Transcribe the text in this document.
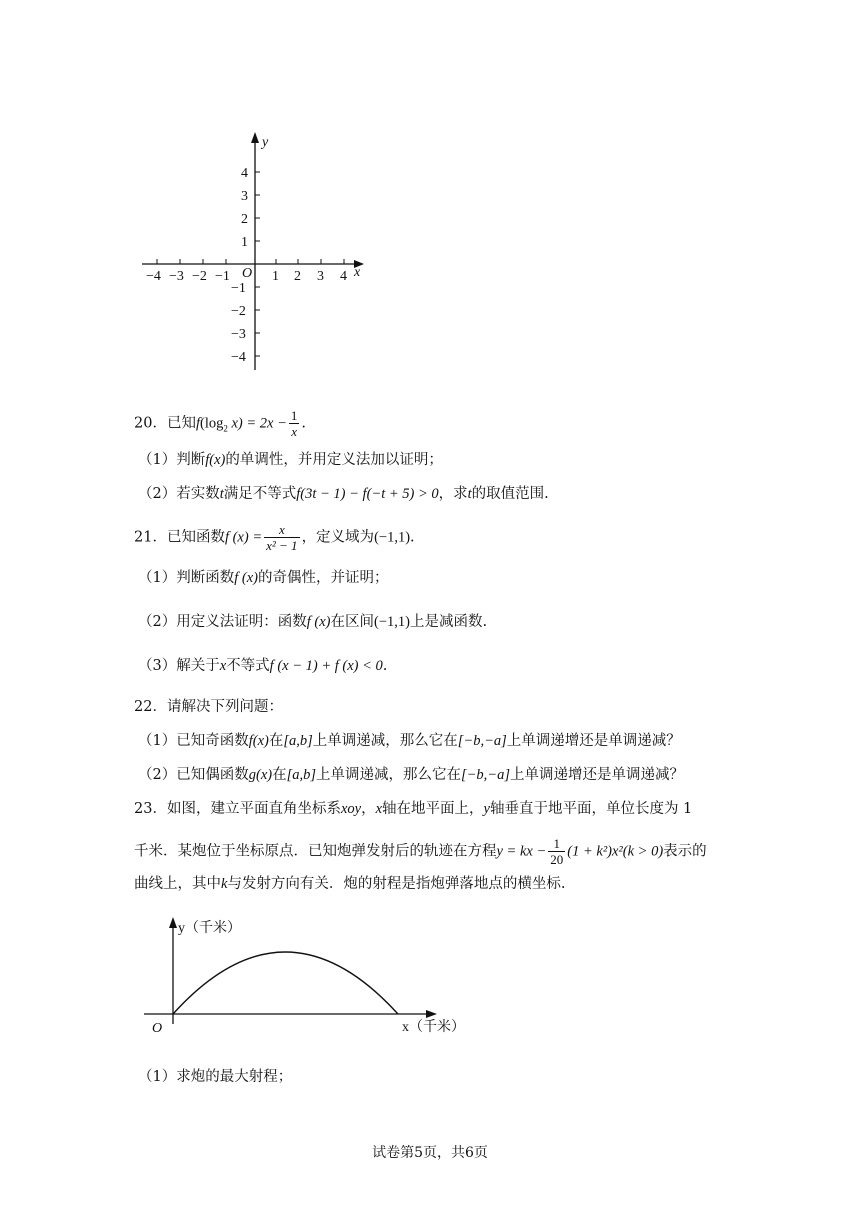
−4 −3 −2 −1	1 2 3 4
4
3
2
1
−1
−2
−3
−4
O	x
y
20．已知$f(\log_2$ $x) = 2x - \frac{1}{x}$ .
（1）判断f(x)的单调性，并用定义法加以证明；
（2）若实数t满足不等式f(3t − 1) − f(−t + 5) > 0，求t的取值范围.
21．已知函数f $(x) = \frac{x}{\text{x² − 1}}$ ，定义域为(−1,1).
（1）判断函数f (x)的奇偶性，并证明；
（2）用定义法证明：函数f (x)在区间(−1,1)上是减函数.
（3）解关于x不等式f (x − 1) + f (x) < 0.
22．请解决下列问题：
（1）已知奇函数f(x)在[a,b]上单调递减，那么它在[−b,−a]上单调递增还是单调递减？
（2）已知偶函数g(x)在[a,b]上单调递减，那么它在[−b,−a]上单调递增还是单调递减？
23．如图，建立平面直角坐标系xoy，x轴在地平面上，y轴垂直于地平面，单位长度为 1
千米．某炮位于坐标原点．已知炮弹发射后的轨迹在方程y = kx − $\frac{1}{20} (1 + k^2)x^2(k > 0)$表示的
曲线上，其中k与发射方向有关．炮的射程是指炮弹落地点的横坐标.
y（千米）
x（千米）
O
（1）求炮的最大射程；
试卷第5页，共6页
